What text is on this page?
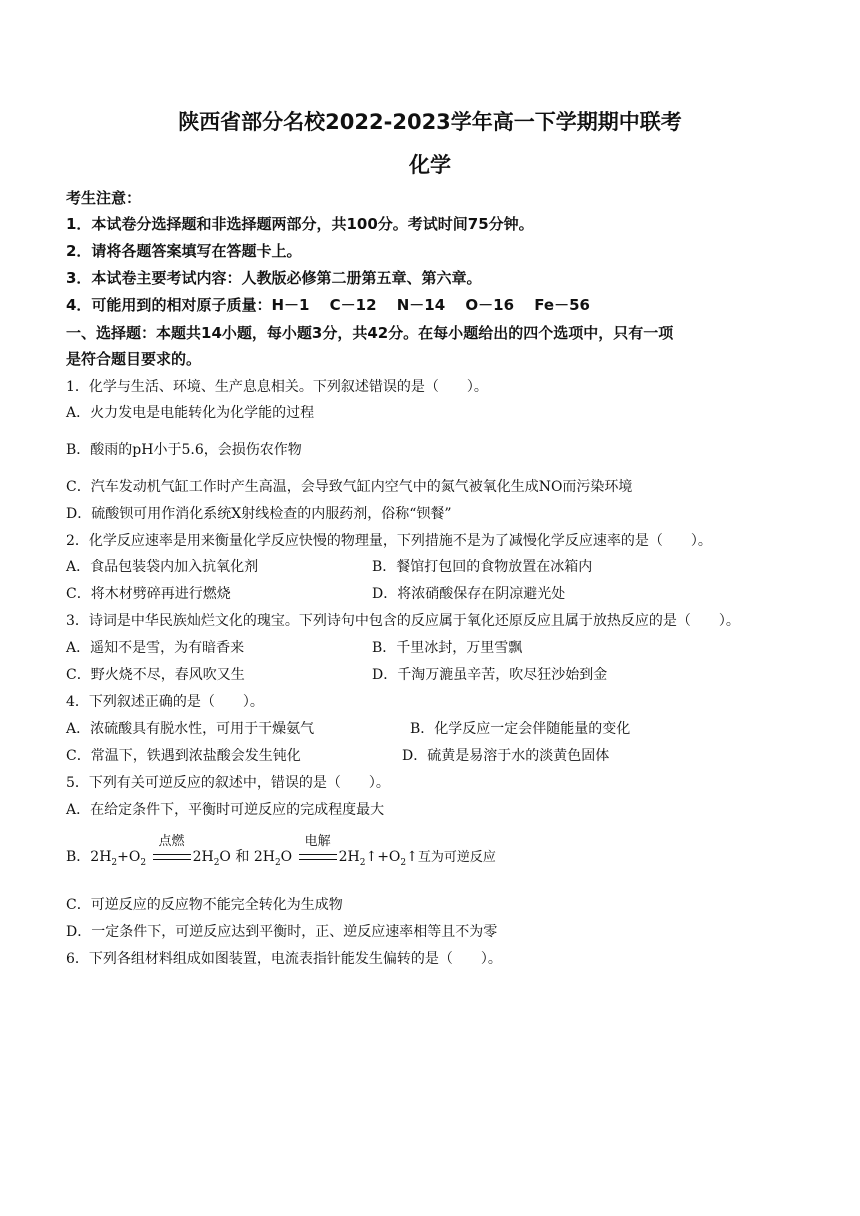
陕西省部分名校2022-2023学年高一下学期期中联考
化学
考生注意：
1．本试卷分选择题和非选择题两部分，共100分。考试时间75分钟。
2．请将各题答案填写在答题卡上。
3．本试卷主要考试内容：人教版必修第二册第五章、第六章。
4．可能用到的相对原子质量：H－1　 C－12　 N－14　 O－16　 Fe－56
一、选择题：本题共14小题，每小题3分，共42分。在每小题给出的四个选项中，只有一项
是符合题目要求的。
1．化学与生活、环境、生产息息相关。下列叙述错误的是（　　）。
A．火力发电是电能转化为化学能的过程
B．酸雨的pH小于5.6，会损伤农作物
C．汽车发动机气缸工作时产生高温，会导致气缸内空气中的氮气被氧化生成NO而污染环境
D．硫酸钡可用作消化系统X射线检查的内服药剂，俗称“钡餐”
2．化学反应速率是用来衡量化学反应快慢的物理量，下列措施不是为了减慢化学反应速率的是（　　）。
A．食品包装袋内加入抗氧化剂	B．餐馆打包回的食物放置在冰箱内
C．将木材劈碎再进行燃烧	D．将浓硝酸保存在阴凉避光处
3．诗词是中华民族灿烂文化的瑰宝。下列诗句中包含的反应属于氧化还原反应且属于放热反应的是（　　）。
A．遥知不是雪，为有暗香来	B．千里冰封，万里雪飘
C．野火烧不尽，春风吹又生	D．千淘万漉虽辛苦，吹尽狂沙始到金
4．下列叙述正确的是（　　）。
A．浓硫酸具有脱水性，可用于干燥氨气	B．化学反应一定会伴随能量的变化
C．常温下，铁遇到浓盐酸会发生钝化	D．硫黄是易溶于水的淡黄色固体
5．下列有关可逆反应的叙述中，错误的是（　　）。
A．在给定条件下，平衡时可逆反应的完成程度最大
B．$2H_2+O_2$
点燃
$2H_2O$ 和 $2H_2O$
电解
$2H_2↑+O_2↑$互为可逆反应
C．可逆反应的反应物不能完全转化为生成物
D．一定条件下，可逆反应达到平衡时，正、逆反应速率相等且不为零
6．下列各组材料组成如图装置，电流表指针能发生偏转的是（　　）。
